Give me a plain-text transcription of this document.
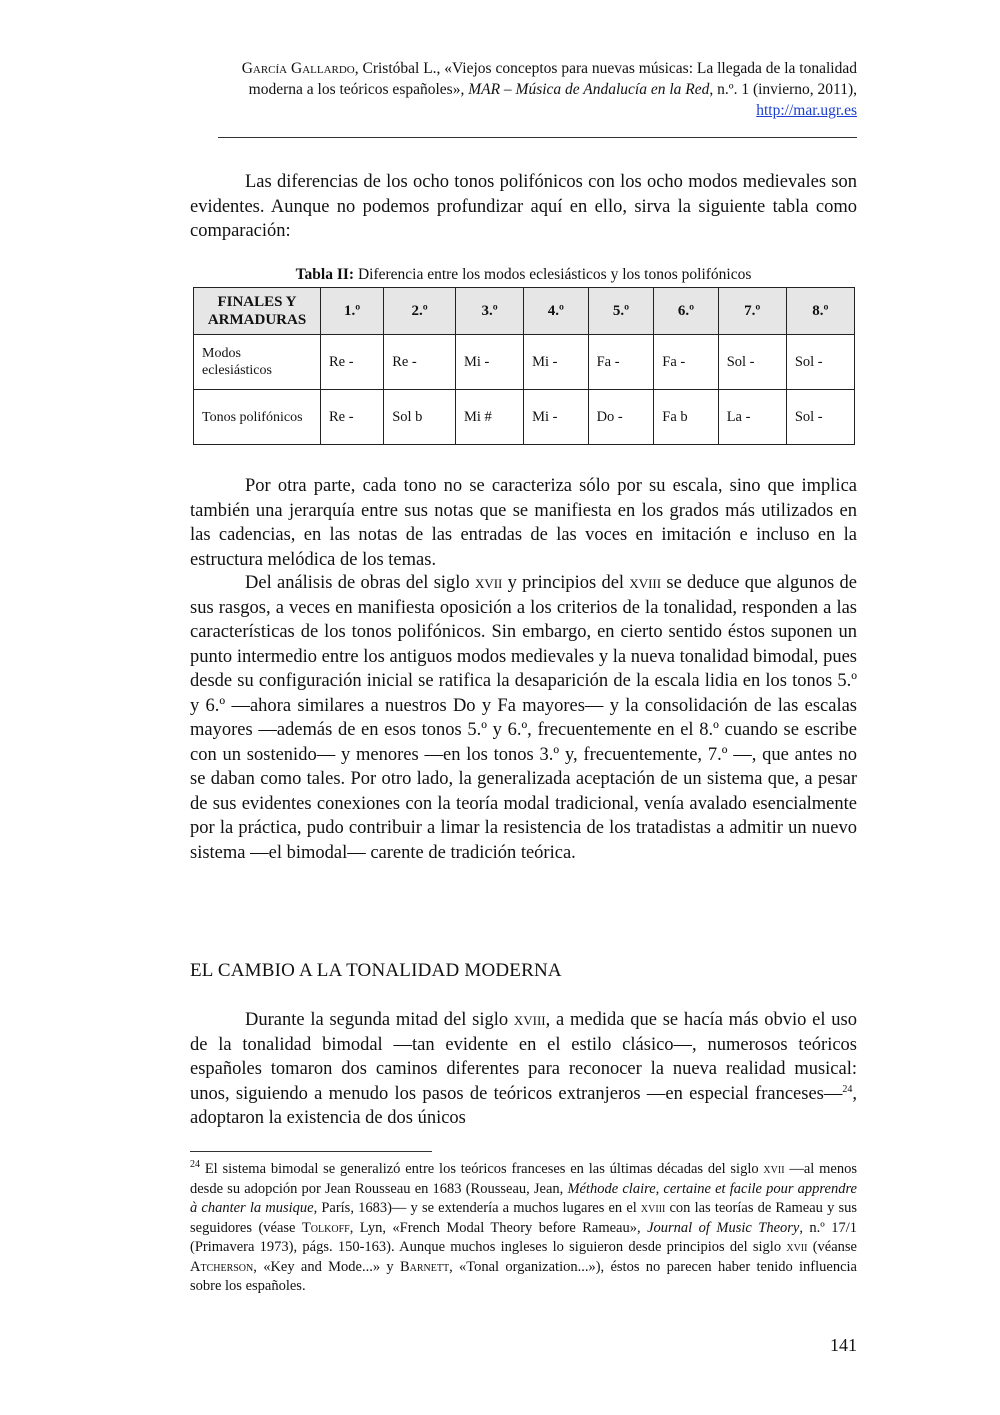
García Gallardo, Cristóbal L., «Viejos conceptos para nuevas músicas: La llegada de la tonalidad moderna a los teóricos españoles», MAR – Música de Andalucía en la Red, n.º. 1 (invierno, 2011), http://mar.ugr.es

Las diferencias de los ocho tonos polifónicos con los ocho modos medievales son evidentes. Aunque no podemos profundizar aquí en ello, sirva la siguiente tabla como comparación:

Tabla II: Diferencia entre los modos eclesiásticos y los tonos polifónicos
FINALES Y ARMADURAS	1.º	2.º	3.º	4.º	5.º	6.º	7.º	8.º
Modos eclesiásticos	Re -	Re -	Mi -	Mi -	Fa -	Fa -	Sol -	Sol -
Tonos polifónicos	Re -	Sol b	Mi #	Mi -	Do -	Fa b	La -	Sol -

Por otra parte, cada tono no se caracteriza sólo por su escala, sino que implica también una jerarquía entre sus notas que se manifiesta en los grados más utilizados en las cadencias, en las notas de las entradas de las voces en imitación e incluso en la estructura melódica de los temas.

Del análisis de obras del siglo xvii y principios del xviii se deduce que algunos de sus rasgos, a veces en manifiesta oposición a los criterios de la tonalidad, responden a las características de los tonos polifónicos. Sin embargo, en cierto sentido éstos suponen un punto intermedio entre los antiguos modos medievales y la nueva tonalidad bimodal, pues desde su configuración inicial se ratifica la desaparición de la escala lidia en los tonos 5.º y 6.º —ahora similares a nuestros Do y Fa mayores— y la consolidación de las escalas mayores —además de en esos tonos 5.º y 6.º, frecuentemente en el 8.º cuando se escribe con un sostenido— y menores —en los tonos 3.º y, frecuentemente, 7.º —, que antes no se daban como tales. Por otro lado, la generalizada aceptación de un sistema que, a pesar de sus evidentes conexiones con la teoría modal tradicional, venía avalado esencialmente por la práctica, pudo contribuir a limar la resistencia de los tratadistas a admitir un nuevo sistema —el bimodal— carente de tradición teórica.

EL CAMBIO A LA TONALIDAD MODERNA

Durante la segunda mitad del siglo xviii, a medida que se hacía más obvio el uso de la tonalidad bimodal —tan evidente en el estilo clásico—, numerosos teóricos españoles tomaron dos caminos diferentes para reconocer la nueva realidad musical: unos, siguiendo a menudo los pasos de teóricos extranjeros —en especial franceses—$^{24}$, adoptaron la existencia de dos únicos

$^{24}$ El sistema bimodal se generalizó entre los teóricos franceses en las últimas décadas del siglo xvii —al menos desde su adopción por Jean Rousseau en 1683 (Rousseau, Jean, Méthode claire, certaine et facile pour apprendre à chanter la musique, París, 1683)— y se extendería a muchos lugares en el xviii con las teorías de Rameau y sus seguidores (véase Tolkoff, Lyn, «French Modal Theory before Rameau», Journal of Music Theory, n.º 17/1 (Primavera 1973), págs. 150-163). Aunque muchos ingleses lo siguieron desde principios del siglo xvii (véanse Atcherson, «Key and Mode...» y Barnett, «Tonal organization...»), éstos no parecen haber tenido influencia sobre los españoles.
141
